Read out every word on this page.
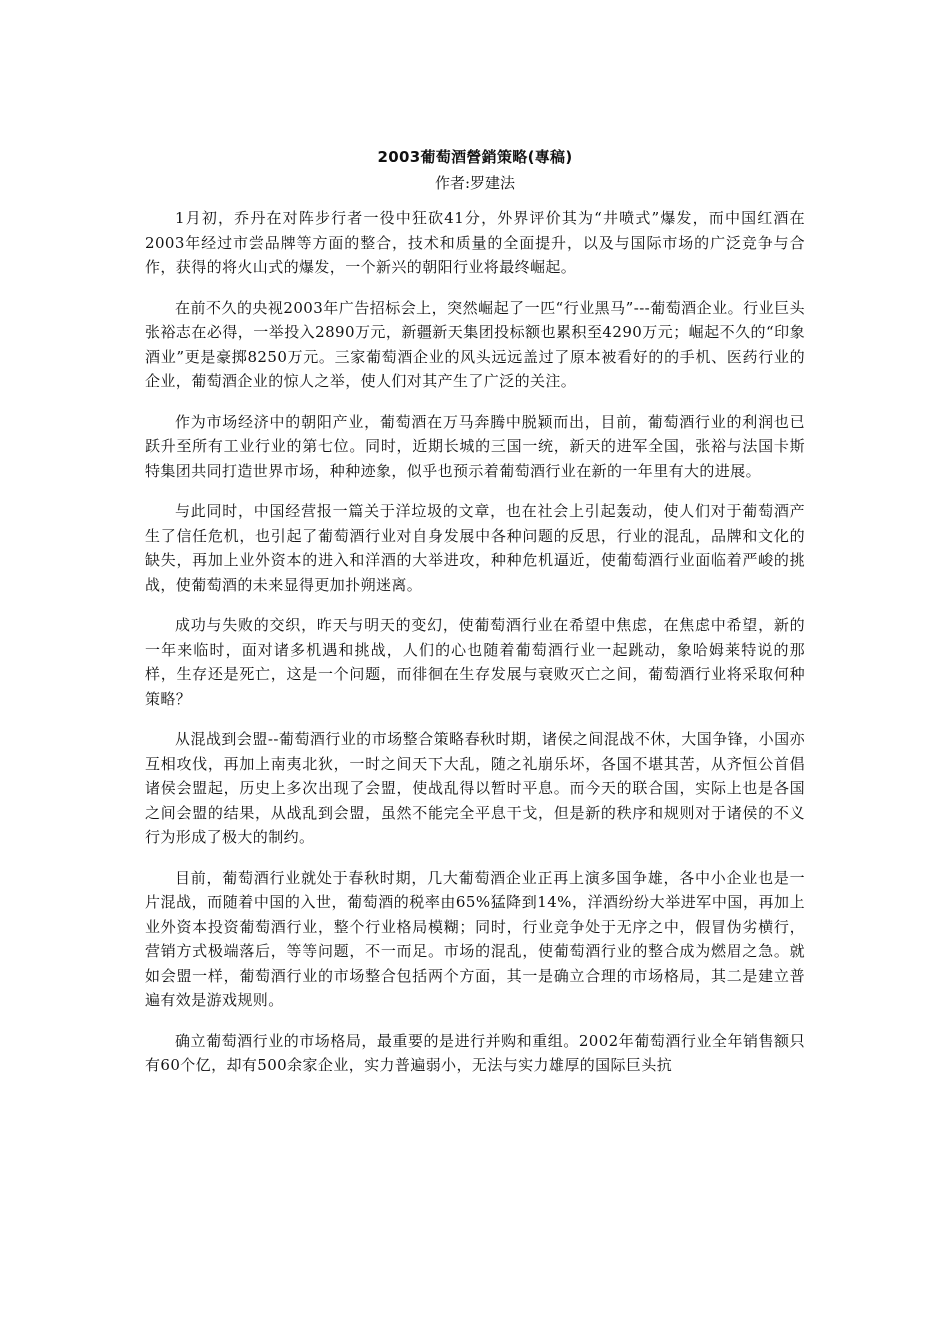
2003葡萄酒營銷策略(專稿)
作者:罗建法

1月初，乔丹在对阵步行者一役中狂砍41分，外界评价其为“井喷式”爆发，而中国红酒在2003年经过市尝品牌等方面的整合，技术和质量的全面提升，以及与国际市场的广泛竞争与合作，获得的将火山式的爆发，一个新兴的朝阳行业将最终崛起。

在前不久的央视2003年广告招标会上，突然崛起了一匹“行业黑马”---葡萄酒企业。行业巨头张裕志在必得，一举投入2890万元，新疆新天集团投标额也累积至4290万元；崛起不久的“印象酒业”更是豪掷8250万元。三家葡萄酒企业的风头远远盖过了原本被看好的的手机、医药行业的企业，葡萄酒企业的惊人之举，使人们对其产生了广泛的关注。

作为市场经济中的朝阳产业，葡萄酒在万马奔腾中脱颖而出，目前，葡萄酒行业的利润也已跃升至所有工业行业的第七位。同时，近期长城的三国一统，新天的进军全国，张裕与法国卡斯特集团共同打造世界市场，种种迹象，似乎也预示着葡萄酒行业在新的一年里有大的进展。

与此同时，中国经营报一篇关于洋垃圾的文章，也在社会上引起轰动，使人们对于葡萄酒产生了信任危机，也引起了葡萄酒行业对自身发展中各种问题的反思，行业的混乱，品牌和文化的缺失，再加上业外资本的进入和洋酒的大举进攻，种种危机逼近，使葡萄酒行业面临着严峻的挑战，使葡萄酒的未来显得更加扑朔迷离。

成功与失败的交织，昨天与明天的变幻，使葡萄酒行业在希望中焦虑，在焦虑中希望，新的一年来临时，面对诸多机遇和挑战，人们的心也随着葡萄酒行业一起跳动，象哈姆莱特说的那样，生存还是死亡，这是一个问题，而徘徊在生存发展与衰败灭亡之间，葡萄酒行业将采取何种策略？

从混战到会盟--葡萄酒行业的市场整合策略春秋时期，诸侯之间混战不休，大国争锋，小国亦互相攻伐，再加上南夷北狄，一时之间天下大乱，随之礼崩乐坏，各国不堪其苦，从齐恒公首倡诸侯会盟起，历史上多次出现了会盟，使战乱得以暂时平息。而今天的联合国，实际上也是各国之间会盟的结果，从战乱到会盟，虽然不能完全平息干戈，但是新的秩序和规则对于诸侯的不义行为形成了极大的制约。

目前，葡萄酒行业就处于春秋时期，几大葡萄酒企业正再上演多国争雄，各中小企业也是一片混战，而随着中国的入世，葡萄酒的税率由65%猛降到14%，洋酒纷纷大举进军中国，再加上业外资本投资葡萄酒行业，整个行业格局模糊；同时，行业竞争处于无序之中，假冒伪劣横行，营销方式极端落后，等等问题，不一而足。市场的混乱，使葡萄酒行业的整合成为燃眉之急。就如会盟一样，葡萄酒行业的市场整合包括两个方面，其一是确立合理的市场格局，其二是建立普遍有效是游戏规则。

确立葡萄酒行业的市场格局，最重要的是进行并购和重组。2002年葡萄酒行业全年销售额只有60个亿，却有500余家企业，实力普遍弱小，无法与实力雄厚的国际巨头抗
